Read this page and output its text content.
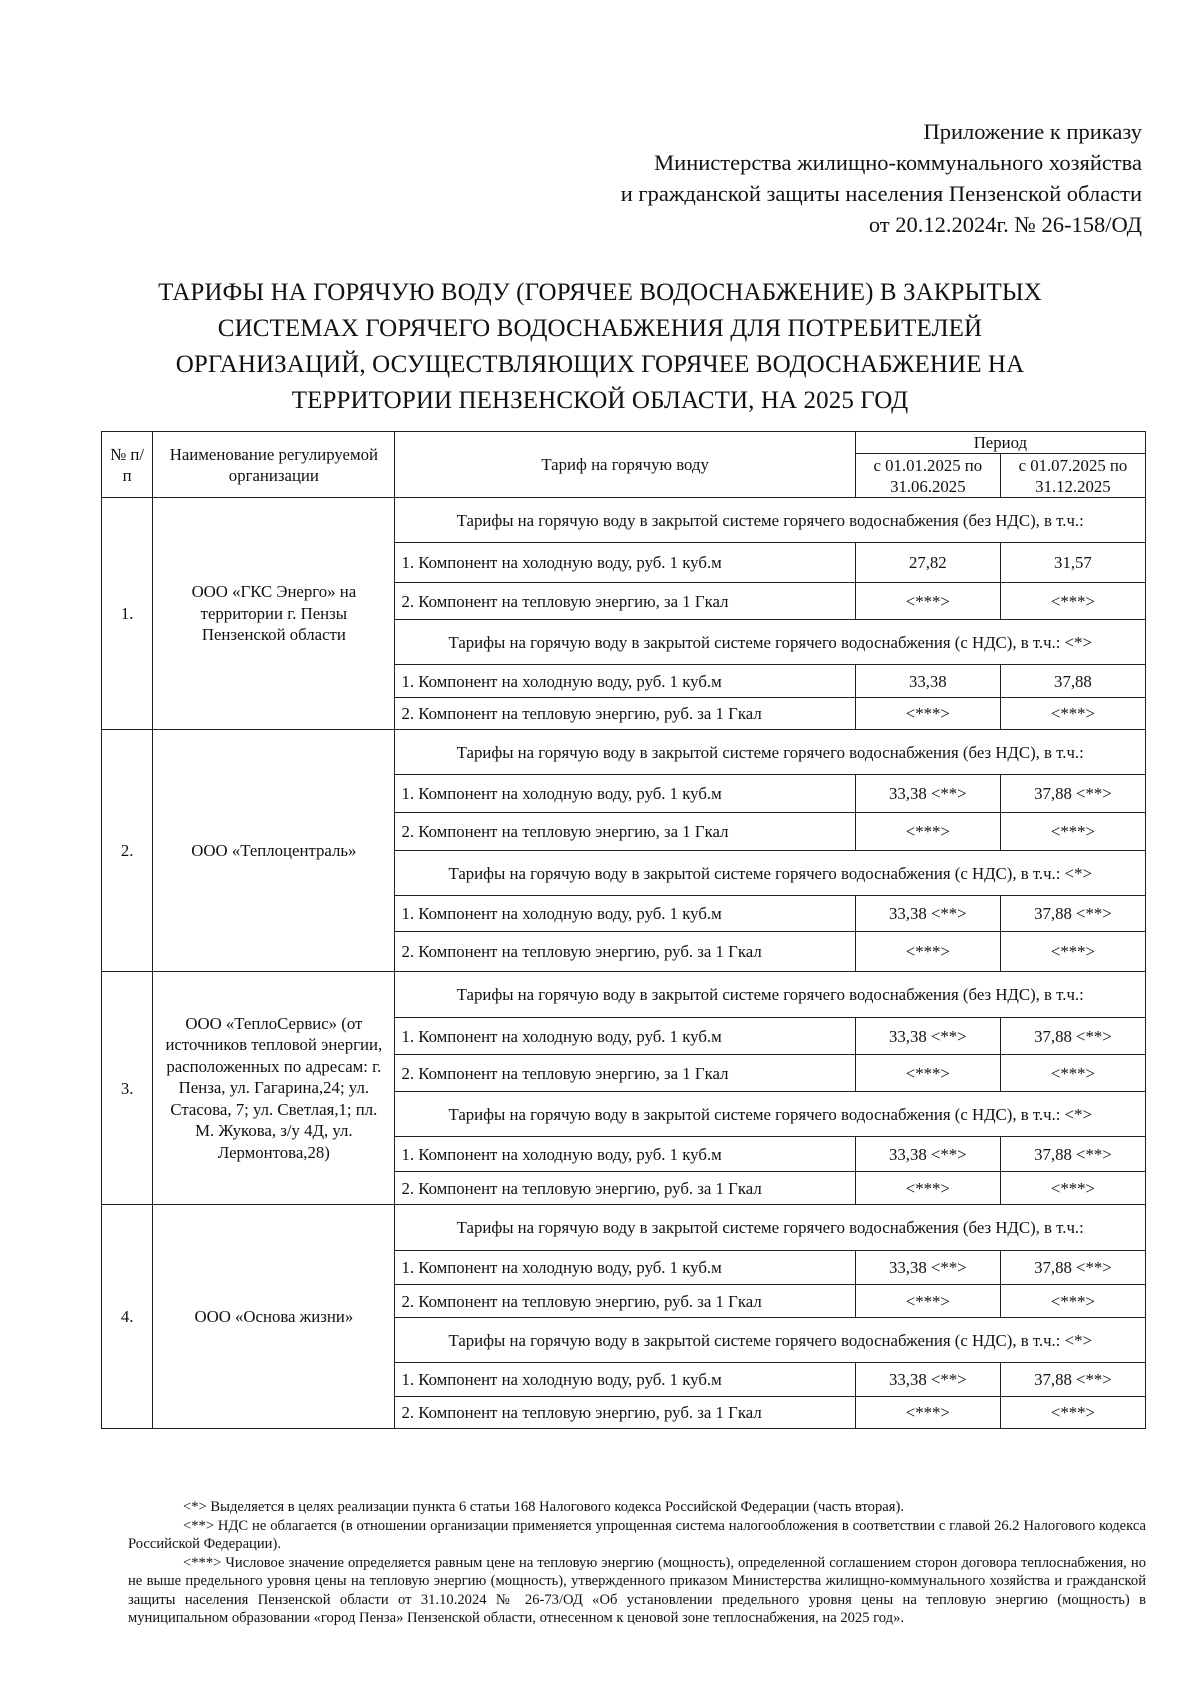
Приложение к приказу
Министерства жилищно-коммунального хозяйства
и гражданской защиты населения Пензенской области
от 20.12.2024г. № 26-158/ОД
ТАРИФЫ НА ГОРЯЧУЮ ВОДУ (ГОРЯЧЕЕ ВОДОСНАБЖЕНИЕ) В ЗАКРЫТЫХ
СИСТЕМАХ ГОРЯЧЕГО ВОДОСНАБЖЕНИЯ ДЛЯ ПОТРЕБИТЕЛЕЙ
ОРГАНИЗАЦИЙ, ОСУЩЕСТВЛЯЮЩИХ ГОРЯЧЕЕ ВОДОСНАБЖЕНИЕ НА
ТЕРРИТОРИИ ПЕНЗЕНСКОЙ ОБЛАСТИ, НА 2025 ГОД
№ п/п	Наименование регулируемой организации	Тариф на горячую воду	Период	
			с 01.01.2025 по 31.06.2025	с 01.07.2025 по 31.12.2025
1.	ООО «ГКС Энерго» на территории г. Пензы Пензенской области	Тарифы на горячую воду в закрытой системе горячего водоснабжения (без НДС), в т.ч.:		
		1. Компонент на холодную воду, руб. 1 куб.м	27,82	31,57
		2. Компонент на тепловую энергию, за 1 Гкал	<***>	<***>
		Тарифы на горячую воду в закрытой системе горячего водоснабжения (с НДС), в т.ч.: <*>		
		1. Компонент на холодную воду, руб. 1 куб.м	33,38	37,88
		2. Компонент на тепловую энергию, руб. за 1 Гкал	<***>	<***>
2.	ООО «Теплоцентраль»	Тарифы на горячую воду в закрытой системе горячего водоснабжения (без НДС), в т.ч.:		
		1. Компонент на холодную воду, руб. 1 куб.м	33,38 <**>	37,88 <**>
		2. Компонент на тепловую энергию, за 1 Гкал	<***>	<***>
		Тарифы на горячую воду в закрытой системе горячего водоснабжения (с НДС), в т.ч.: <*>		
		1. Компонент на холодную воду, руб. 1 куб.м	33,38 <**>	37,88 <**>
		2. Компонент на тепловую энергию, руб. за 1 Гкал	<***>	<***>
3.	ООО «ТеплоСервис» (от источников тепловой энергии, расположенных по адресам: г. Пенза, ул. Гагарина,24; ул. Стасова, 7; ул. Светлая,1; пл. М. Жукова, з/у 4Д, ул. Лермонтова,28)	Тарифы на горячую воду в закрытой системе горячего водоснабжения (без НДС), в т.ч.:		
		1. Компонент на холодную воду, руб. 1 куб.м	33,38 <**>	37,88 <**>
		2. Компонент на тепловую энергию, за 1 Гкал	<***>	<***>
		Тарифы на горячую воду в закрытой системе горячего водоснабжения (с НДС), в т.ч.: <*>		
		1. Компонент на холодную воду, руб. 1 куб.м	33,38 <**>	37,88 <**>
		2. Компонент на тепловую энергию, руб. за 1 Гкал	<***>	<***>
4.	ООО «Основа жизни»	Тарифы на горячую воду в закрытой системе горячего водоснабжения (без НДС), в т.ч.:		
		1. Компонент на холодную воду, руб. 1 куб.м	33,38 <**>	37,88 <**>
		2. Компонент на тепловую энергию, руб. за 1 Гкал	<***>	<***>
		Тарифы на горячую воду в закрытой системе горячего водоснабжения (с НДС), в т.ч.: <*>		
		1. Компонент на холодную воду, руб. 1 куб.м	33,38 <**>	37,88 <**>
		2. Компонент на тепловую энергию, руб. за 1 Гкал	<***>	<***>

<*> Выделяется в целях реализации пункта 6 статьи 168 Налогового кодекса Российской Федерации (часть вторая).

<**> НДС не облагается (в отношении организации применяется упрощенная система налогообложения в соответствии с главой 26.2 Налогового кодекса Российской Федерации).

<***> Числовое значение определяется равным цене на тепловую энергию (мощность), определенной соглашением сторон договора теплоснабжения, но не выше предельного уровня цены на тепловую энергию (мощность), утвержденного приказом Министерства жилищно-коммунального хозяйства и гражданской защиты населения Пензенской области от 31.10.2024 № 26-73/ОД «Об установлении предельного уровня цены на тепловую энергию (мощность) в муниципальном образовании «город Пенза» Пензенской области, отнесенном к ценовой зоне теплоснабжения, на 2025 год».
